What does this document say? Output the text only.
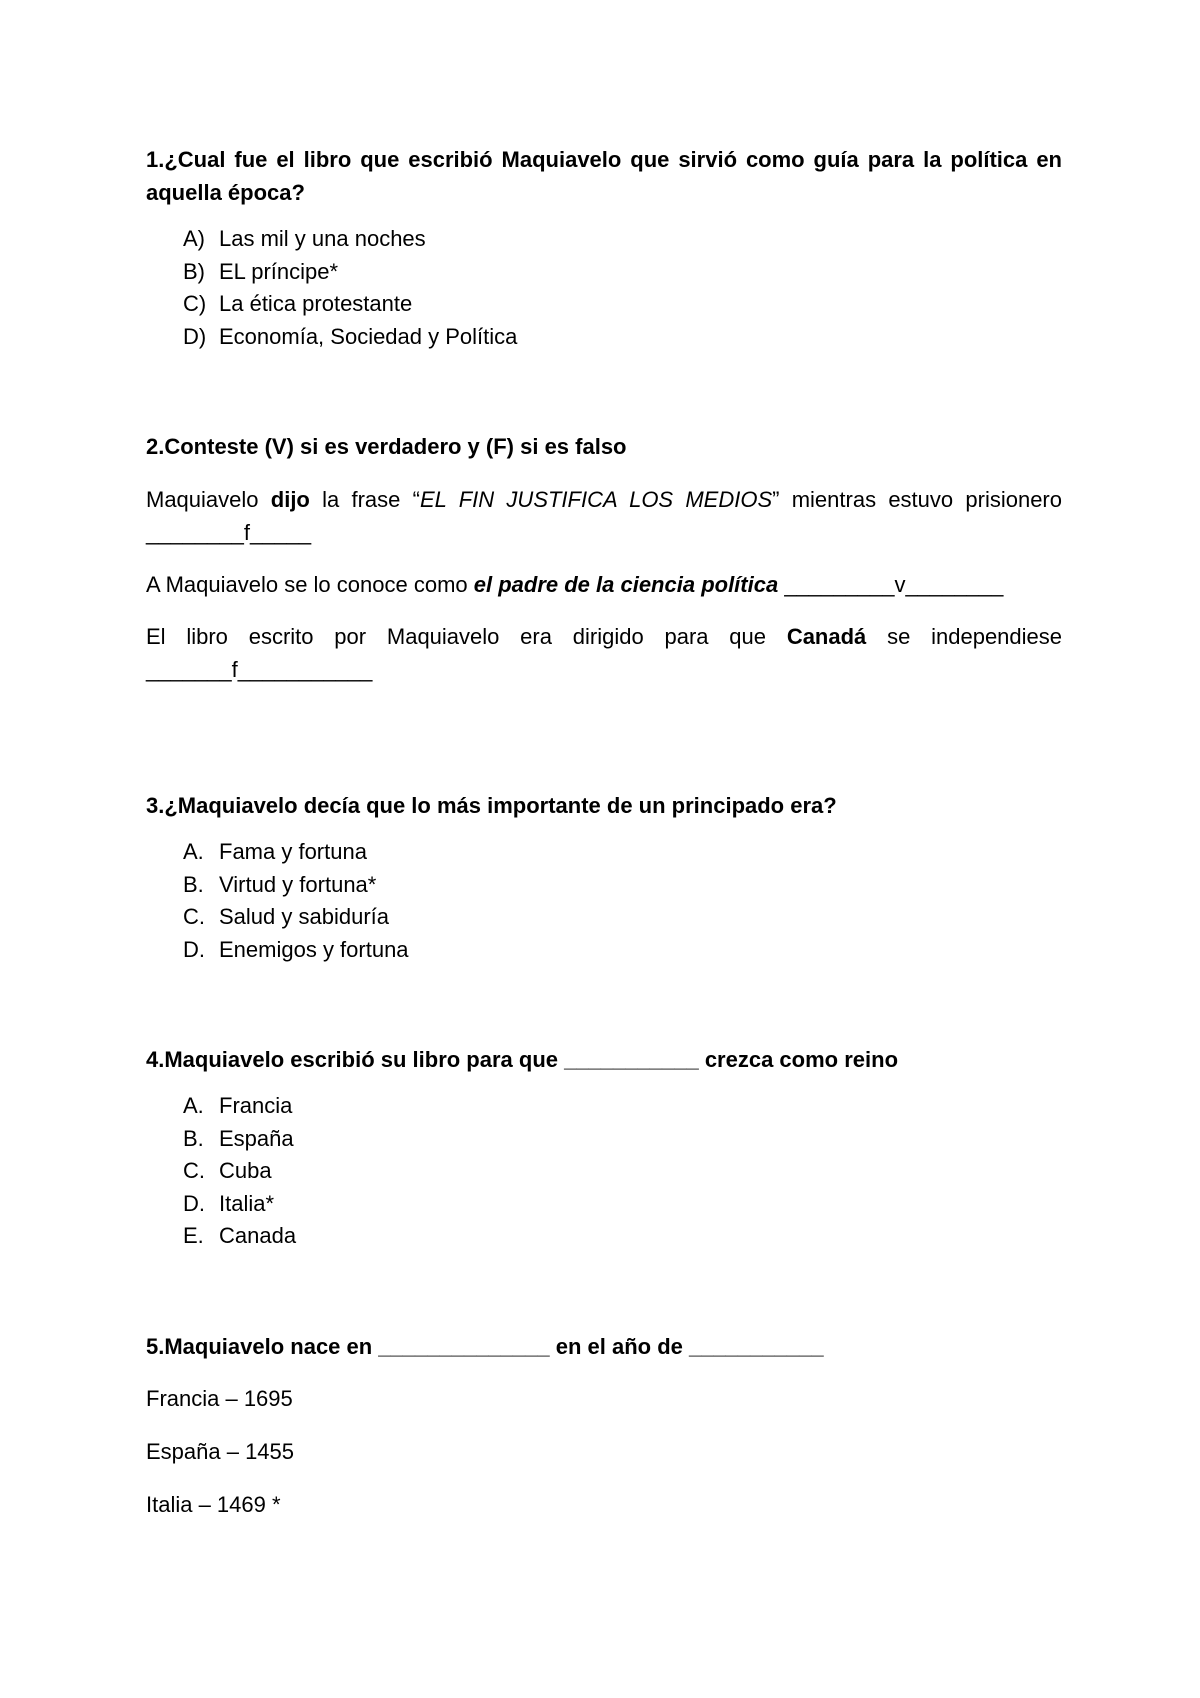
1.¿Cual fue el libro que escribió Maquiavelo que sirvió como guía para la política en aquella época?

A) Las mil y una noches
B) EL príncipe*
C) La ética protestante
D) Economía, Sociedad y Política

2.Conteste (V) si es verdadero y (F) si es falso

Maquiavelo dijo la frase “EL FIN JUSTIFICA LOS MEDIOS” mientras estuvo prisionero ________f_____

A Maquiavelo se lo conoce como el padre de la ciencia política _________v________

El libro escrito por Maquiavelo era dirigido para que Canadá se independiese _______f___________

3.¿Maquiavelo decía que lo más importante de un principado era?

A. Fama y fortuna
B. Virtud y fortuna*
C. Salud y sabiduría
D. Enemigos y fortuna

4.Maquiavelo escribió su libro para que ___________ crezca como reino

A. Francia
B. España
C. Cuba
D. Italia*
E. Canada

5.Maquiavelo nace en ______________ en el año de ___________

Francia – 1695

España – 1455

Italia – 1469 *
